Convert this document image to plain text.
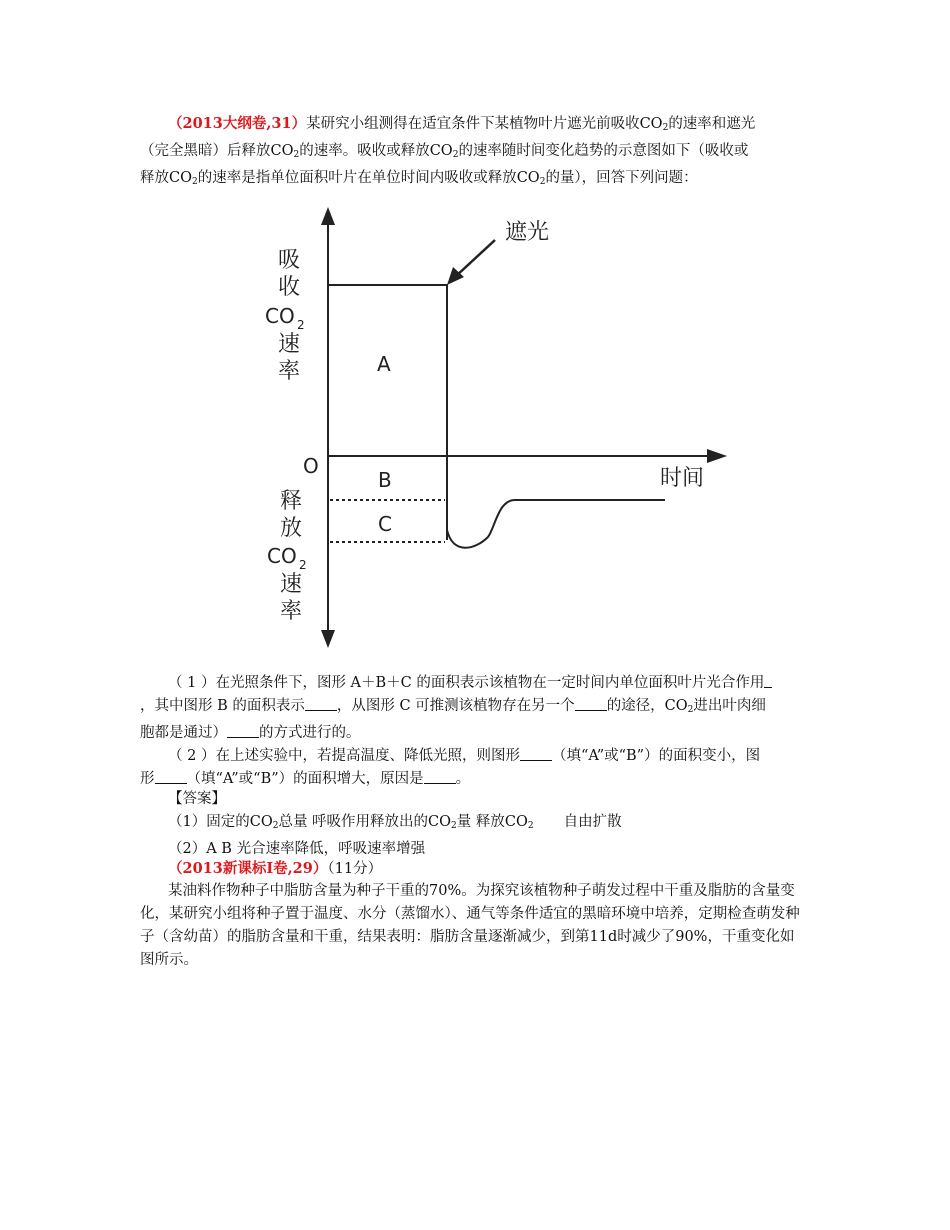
（2013大纲卷,31）某研究小组测得在适宜条件下某植物叶片遮光前吸收$CO_2$的速率和遮光
（完全黑暗）后释放$CO_2$的速率。吸收或释放$CO_2$的速率随时间变化趋势的示意图如下（吸收或
释放$CO_2$的速率是指单位面积叶片在单位时间内吸收或释放$CO_2$的量），回答下列问题：

遮光
A
B
C
O	时间
吸
收
CO 2
速
率
释
放
CO 2
速
率

（ 1 ）在光照条件下，图形 A＋B＋C 的面积表示该植物在一定时间内单位面积叶片光合作用
，其中图形 B 的面积表示 ，从图形 C 可推测该植物存在另一个 的途径，$CO_2$进出叶肉细
胞都是通过） 的方式进行的。
（ 2 ）在上述实验中，若提高温度、降低光照，则图形 （填“A”或“B”）的面积变小，图
形 （填“A”或“B”）的面积增大，原因是 。

【答案】
（1）固定的$CO_2$总量 呼吸作用释放出的$CO_2$量 释放$CO_2$ 自由扩散
（2）A B 光合速率降低，呼吸速率增强

（2013新课标Ⅰ卷,29）（11分）

某油料作物种子中脂肪含量为种子干重的70%。为探究该植物种子萌发过程中干重及脂肪的含量变化，某研究小组将种子置于温度、水分（蒸馏水）、通气等条件适宜的黑暗环境中培养，定期检查萌发种子（含幼苗）的脂肪含量和干重，结果表明：脂肪含量逐渐减少，到第11d时减少了90%，干重变化如图所示。
